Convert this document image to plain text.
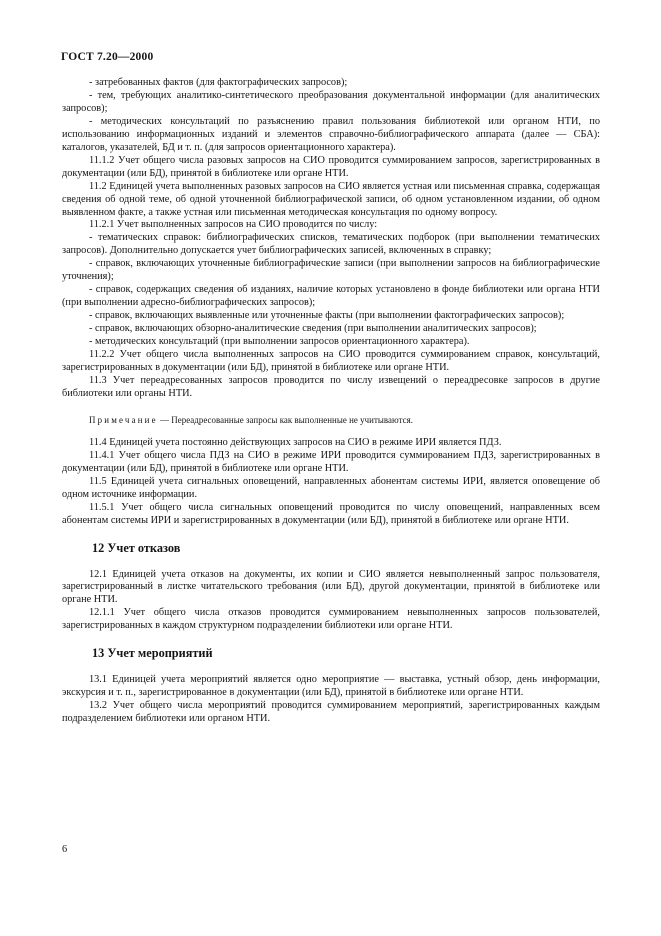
ГОСТ 7.20—2000

- затребованных фактов (для фактографических запросов);

- тем, требующих аналитико-синтетического преобразования документальной информации (для аналитических запросов);

- методических консультаций по разъяснению правил пользования библиотекой или органом НТИ, по использованию информационных изданий и элементов справочно-библиографического аппарата (далее — СБА): каталогов, указателей, БД и т. п. (для запросов ориентационного характера).

11.1.2 Учет общего числа разовых запросов на СИО проводится суммированием запросов, зарегистрированных в документации (или БД), принятой в библиотеке или органе НТИ.

11.2 Единицей учета выполненных разовых запросов на СИО является устная или письменная справка, содержащая сведения об одной теме, об одной уточненной библиографической записи, об одном установленном издании, об одном выявленном факте, а также устная или письменная методическая консультация по одному вопросу.

11.2.1 Учет выполненных запросов на СИО проводится по числу:

- тематических справок: библиографических списков, тематических подборок (при выполнении тематических запросов). Дополнительно допускается учет библиографических записей, включенных в справку;

- справок, включающих уточненные библиографические записи (при выполнении запросов на библиографические уточнения);

- справок, содержащих сведения об изданиях, наличие которых установлено в фонде библиотеки или органа НТИ (при выполнении адресно-библиографических запросов);

- справок, включающих выявленные или уточненные факты (при выполнении фактографических запросов);

- справок, включающих обзорно-аналитические сведения (при выполнении аналитических запросов);

- методических консультаций (при выполнении запросов ориентационного характера).

11.2.2 Учет общего числа выполненных запросов на СИО проводится суммированием справок, консультаций, зарегистрированных в документации (или БД), принятой в библиотеке или органе НТИ.

11.3 Учет переадресованных запросов проводится по числу извещений о переадресовке запросов в другие библиотеки или органы НТИ.

Примечание — Переадресованные запросы как выполненные не учитываются.

11.4 Единицей учета постоянно действующих запросов на СИО в режиме ИРИ является ПДЗ.

11.4.1 Учет общего числа ПДЗ на СИО в режиме ИРИ проводится суммированием ПДЗ, зарегистрированных в документации (или БД), принятой в библиотеке или органе НТИ.

11.5 Единицей учета сигнальных оповещений, направленных абонентам системы ИРИ, является оповещение об одном источнике информации.

11.5.1 Учет общего числа сигнальных оповещений проводится по числу оповещений, направленных всем абонентам системы ИРИ и зарегистрированных в документации (или БД), принятой в библиотеке или органе НТИ.

12 Учет отказов

12.1 Единицей учета отказов на документы, их копии и СИО является невыполненный запрос пользователя, зарегистрированный в листке читательского требования (или БД), другой документации, принятой в библиотеке или органе НТИ.

12.1.1 Учет общего числа отказов проводится суммированием невыполненных запросов пользователей, зарегистрированных в каждом структурном подразделении библиотеки или органе НТИ.

13 Учет мероприятий

13.1 Единицей учета мероприятий является одно мероприятие — выставка, устный обзор, день информации, экскурсия и т. п., зарегистрированное в документации (или БД), принятой в библиотеке или органе НТИ.

13.2 Учет общего числа мероприятий проводится суммированием мероприятий, зарегистрированных каждым подразделением библиотеки или органом НТИ.

6
